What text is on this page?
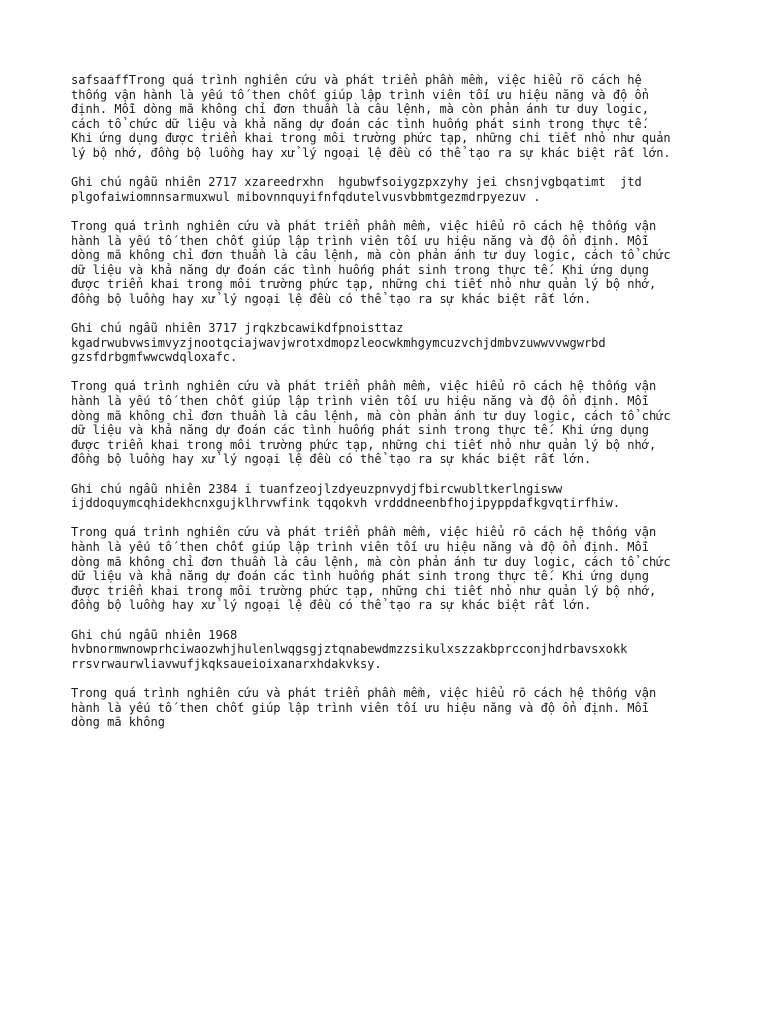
safsaaffTrong quá trình nghiên cứu và phát triển phần mềm, việc hiểu rõ cách hệ
thống vận hành là yếu tố then chốt giúp lập trình viên tối ưu hiệu năng và độ ổn
định. Mỗi dòng mã không chỉ đơn thuần là câu lệnh, mà còn phản ánh tư duy logic,
cách tổ chức dữ liệu và khả năng dự đoán các tình huống phát sinh trong thực tế.
Khi ứng dụng được triển khai trong môi trường phức tạp, những chi tiết nhỏ như quản
lý bộ nhớ, đồng bộ luồng hay xử lý ngoại lệ đều có thể tạo ra sự khác biệt rất lớn.

Ghi chú ngẫu nhiên 2717 xzareedrxhn  hgubwfsoiygzpxzyhy jei chsnjvgbqatimt  jtd
plgofaiwiomnnsarmuxwul mibovnnquyifnfqdutelvusvbbmtgezmdrpyezuv .

Trong quá trình nghiên cứu và phát triển phần mềm, việc hiểu rõ cách hệ thống vận
hành là yếu tố then chốt giúp lập trình viên tối ưu hiệu năng và độ ổn định. Mỗi
dòng mã không chỉ đơn thuần là câu lệnh, mà còn phản ánh tư duy logic, cách tổ chức
dữ liệu và khả năng dự đoán các tình huống phát sinh trong thực tế. Khi ứng dụng
được triển khai trong môi trường phức tạp, những chi tiết nhỏ như quản lý bộ nhớ,
đồng bộ luồng hay xử lý ngoại lệ đều có thể tạo ra sự khác biệt rất lớn.

Ghi chú ngẫu nhiên 3717 jrqkzbcawikdfpnoisttaz
kgadrwubvwsimvyzjnootqciajwavjwrotxdmopzleocwkmhgymcuzvchjdmbvzuwwvvwgwrbd
gzsfdrbgmfwwcwdqloxafc.

Trong quá trình nghiên cứu và phát triển phần mềm, việc hiểu rõ cách hệ thống vận
hành là yếu tố then chốt giúp lập trình viên tối ưu hiệu năng và độ ổn định. Mỗi
dòng mã không chỉ đơn thuần là câu lệnh, mà còn phản ánh tư duy logic, cách tổ chức
dữ liệu và khả năng dự đoán các tình huống phát sinh trong thực tế. Khi ứng dụng
được triển khai trong môi trường phức tạp, những chi tiết nhỏ như quản lý bộ nhớ,
đồng bộ luồng hay xử lý ngoại lệ đều có thể tạo ra sự khác biệt rất lớn.

Ghi chú ngẫu nhiên 2384 i tuanfzeojlzdyeuzpnvydjfbircwubltkerlngisww
ijddoquymcqhidekhcnxgujklhrvwfink tqqokvh vrdddneenbfhojipyppdafkgvqtirfhiw.

Trong quá trình nghiên cứu và phát triển phần mềm, việc hiểu rõ cách hệ thống vận
hành là yếu tố then chốt giúp lập trình viên tối ưu hiệu năng và độ ổn định. Mỗi
dòng mã không chỉ đơn thuần là câu lệnh, mà còn phản ánh tư duy logic, cách tổ chức
dữ liệu và khả năng dự đoán các tình huống phát sinh trong thực tế. Khi ứng dụng
được triển khai trong môi trường phức tạp, những chi tiết nhỏ như quản lý bộ nhớ,
đồng bộ luồng hay xử lý ngoại lệ đều có thể tạo ra sự khác biệt rất lớn.

Ghi chú ngẫu nhiên 1968
hvbnormwnowprhciwaozwhjhulenlwqgsgjztqnabewdmzzsikulxszzakbprcconjhdrbavsxokk
rrsvrwaurwliavwufjkqksaueioixanarxhdakvksy.

Trong quá trình nghiên cứu và phát triển phần mềm, việc hiểu rõ cách hệ thống vận
hành là yếu tố then chốt giúp lập trình viên tối ưu hiệu năng và độ ổn định. Mỗi
dòng mã không
